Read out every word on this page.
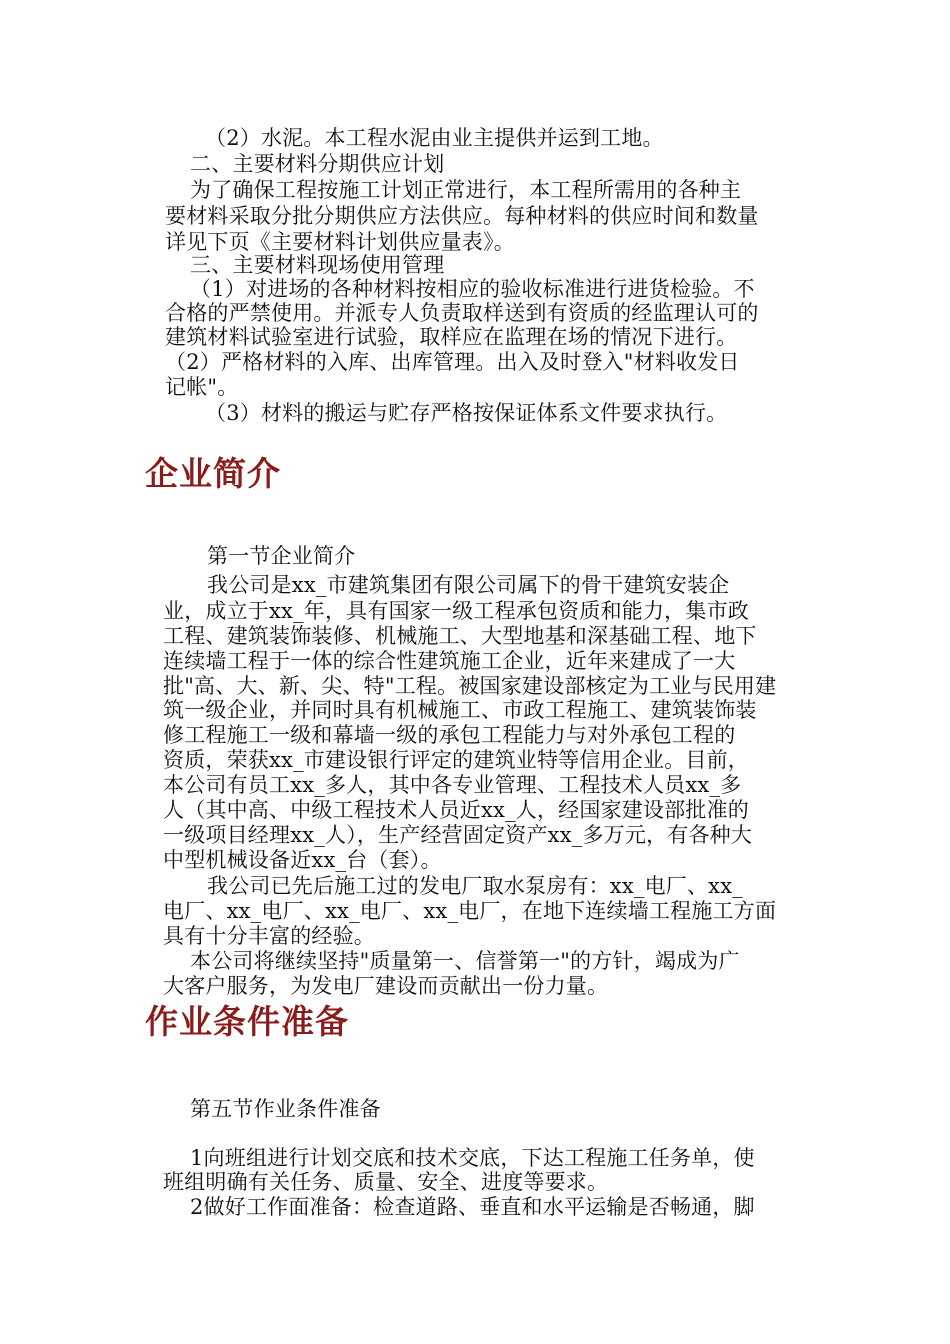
（2）水泥。本工程水泥由业主提供并运到工地。

二、主要材料分期供应计划

为了确保工程按施工计划正常进行，本工程所需用的各种主

要材料采取分批分期供应方法供应。每种材料的供应时间和数量

详见下页《主要材料计划供应量表》。

三、主要材料现场使用管理

（1）对进场的各种材料按相应的验收标准进行进货检验。不

合格的严禁使用。并派专人负责取样送到有资质的经监理认可的

建筑材料试验室进行试验，取样应在监理在场的情况下进行。

（2）严格材料的入库、出库管理。出入及时登入"材料收发日

记帐"。

（3）材料的搬运与贮存严格按保证体系文件要求执行。

企业简介

第一节企业简介

我公司是xx_市建筑集团有限公司属下的骨干建筑安装企

业，成立于xx_年，具有国家一级工程承包资质和能力，集市政

工程、建筑装饰装修、机械施工、大型地基和深基础工程、地下

连续墙工程于一体的综合性建筑施工企业，近年来建成了一大

批"高、大、新、尖、特"工程。被国家建设部核定为工业与民用建

筑一级企业，并同时具有机械施工、市政工程施工、建筑装饰装

修工程施工一级和幕墙一级的承包工程能力与对外承包工程的

资质，荣获xx_市建设银行评定的建筑业特等信用企业。目前，

本公司有员工xx_多人，其中各专业管理、工程技术人员xx_多

人（其中高、中级工程技术人员近xx_人，经国家建设部批准的

一级项目经理xx_人），生产经营固定资产xx_多万元，有各种大

中型机械设备近xx_台（套）。

我公司已先后施工过的发电厂取水泵房有：xx_电厂、xx_

电厂、xx_电厂、xx_电厂、xx_电厂，在地下连续墙工程施工方面

具有十分丰富的经验。

本公司将继续坚持"质量第一、信誉第一"的方针，竭成为广

大客户服务，为发电厂建设而贡献出一份力量。

作业条件准备

第五节作业条件准备

1向班组进行计划交底和技术交底，下达工程施工任务单，使

班组明确有关任务、质量、安全、进度等要求。

2做好工作面准备：检查道路、垂直和水平运输是否畅通，脚
